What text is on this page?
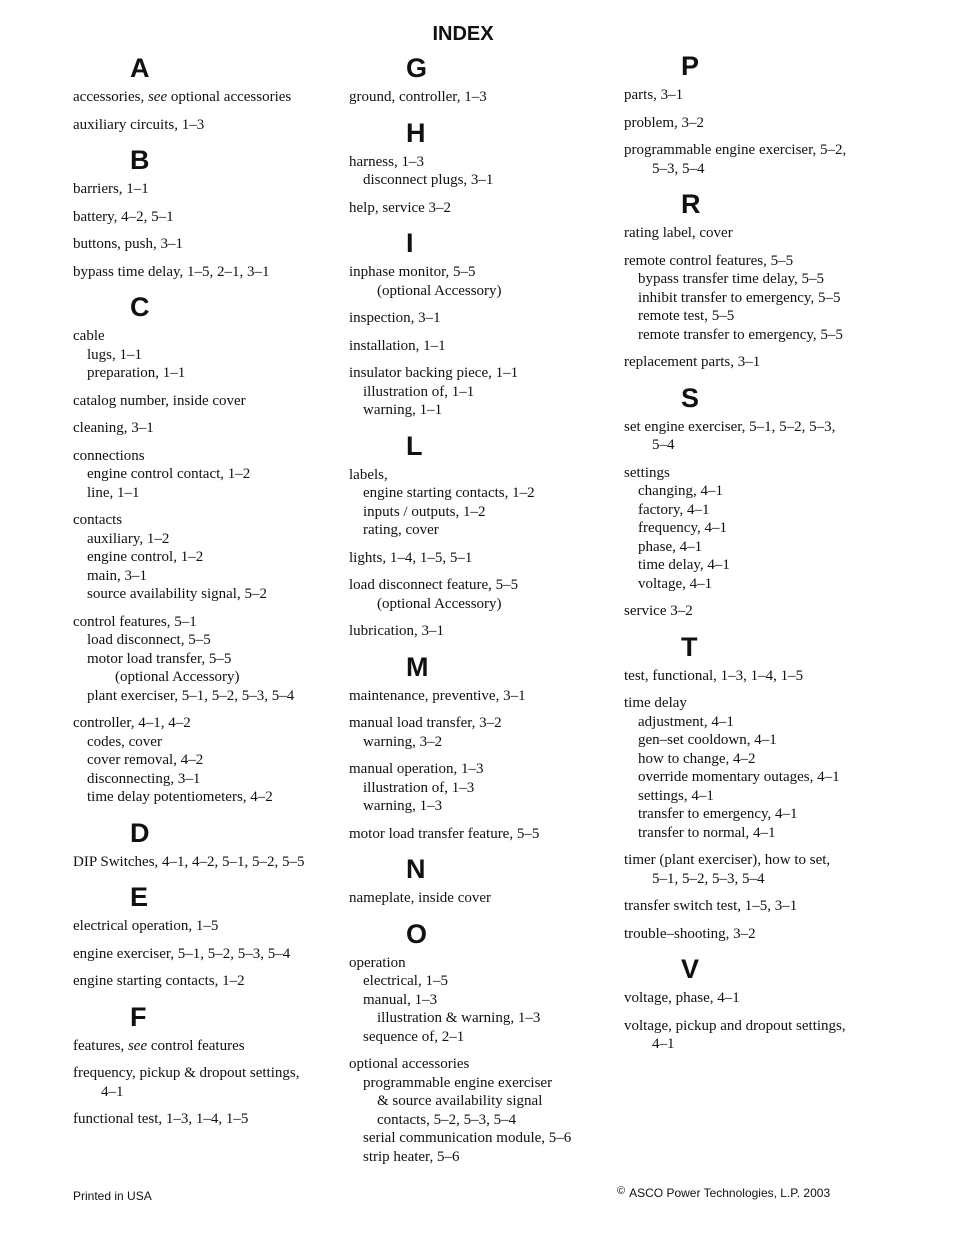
INDEX
A
accessories, see optional accessories
auxiliary circuits, 1–3
B
barriers, 1–1
battery, 4–2, 5–1
buttons, push, 3–1
bypass time delay, 1–5, 2–1, 3–1
C
cable
lugs, 1–1
preparation, 1–1
catalog number, inside cover
cleaning, 3–1
connections
engine control contact, 1–2
line, 1–1
contacts
auxiliary, 1–2
engine control, 1–2
main, 3–1
source availability signal, 5–2
control features, 5–1
load disconnect, 5–5
motor load transfer, 5–5
(optional Accessory)
plant exerciser, 5–1, 5–2, 5–3, 5–4
controller, 4–1, 4–2
codes, cover
cover removal, 4–2
disconnecting, 3–1
time delay potentiometers, 4–2
D
DIP Switches, 4–1, 4–2, 5–1, 5–2, 5–5
E
electrical operation, 1–5
engine exerciser, 5–1, 5–2, 5–3, 5–4
engine starting contacts, 1–2
F
features, see control features
frequency, pickup & dropout settings,
4–1
functional test, 1–3, 1–4, 1–5
G
ground, controller, 1–3
H
harness, 1–3
disconnect plugs, 3–1
help, service 3–2
I
inphase monitor, 5–5
(optional Accessory)
inspection, 3–1
installation, 1–1
insulator backing piece, 1–1
illustration of, 1–1
warning, 1–1
L
labels,
engine starting contacts, 1–2
inputs / outputs, 1–2
rating, cover
lights, 1–4, 1–5, 5–1
load disconnect feature, 5–5
(optional Accessory)
lubrication, 3–1
M
maintenance, preventive, 3–1
manual load transfer, 3–2
warning, 3–2
manual operation, 1–3
illustration of, 1–3
warning, 1–3
motor load transfer feature, 5–5
N
nameplate, inside cover
O
operation
electrical, 1–5
manual, 1–3
illustration & warning, 1–3
sequence of, 2–1
optional accessories
programmable engine exerciser
& source availability signal
contacts, 5–2, 5–3, 5–4
serial communication module, 5–6
strip heater, 5–6
P
parts, 3–1
problem, 3–2
programmable engine exerciser, 5–2,
5–3, 5–4
R
rating label, cover
remote control features, 5–5
bypass transfer time delay, 5–5
inhibit transfer to emergency, 5–5
remote test, 5–5
remote transfer to emergency, 5–5
replacement parts, 3–1
S
set engine exerciser, 5–1, 5–2, 5–3,
5–4
settings
changing, 4–1
factory, 4–1
frequency, 4–1
phase, 4–1
time delay, 4–1
voltage, 4–1
service 3–2
T
test, functional, 1–3, 1–4, 1–5
time delay
adjustment, 4–1
gen–set cooldown, 4–1
how to change, 4–2
override momentary outages, 4–1
settings, 4–1
transfer to emergency, 4–1
transfer to normal, 4–1
timer (plant exerciser), how to set,
5–1, 5–2, 5–3, 5–4
transfer switch test, 1–5, 3–1
trouble–shooting, 3–2
V
voltage, phase, 4–1
voltage, pickup and dropout settings,
4–1
Printed in USA	© ASCO Power Technologies, L.P. 2003
